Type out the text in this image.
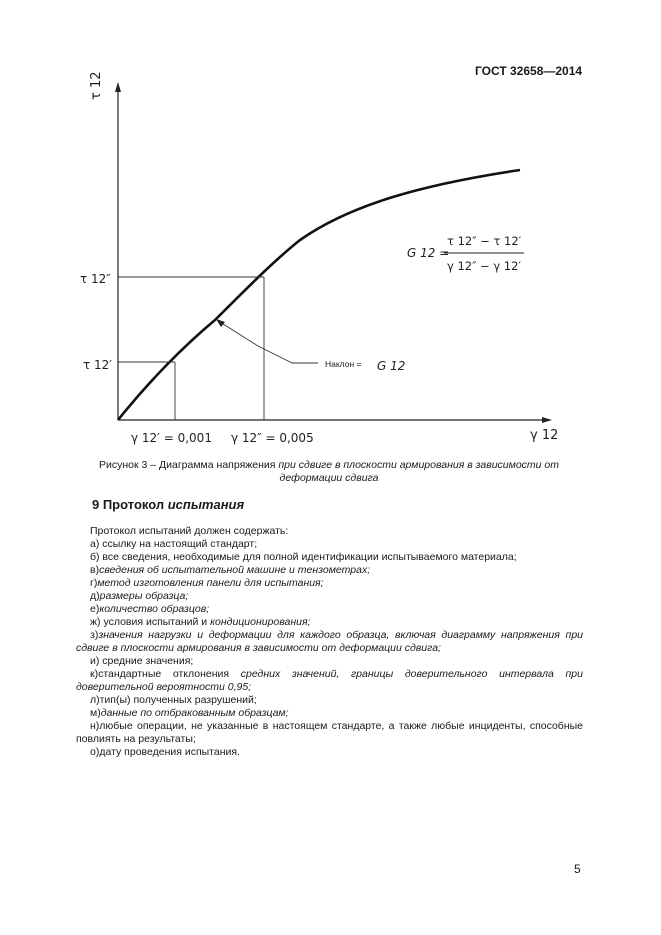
ГОСТ 32658—2014
τ 12
γ 12
τ 12″
τ 12′
γ 12′ = 0,001 γ 12″ = 0,005
Наклон = G 12
G 12 =
τ 12″ − τ 12′
γ 12″ − γ 12′
Рисунок 3 – Диаграмма напряжения при сдвиге в плоскости армирования в зависимости от деформации сдвига
9 Протокол испытания
Протокол испытаний должен содержать:
а) ссылку на настоящий стандарт;
б) все сведения, необходимые для полной идентификации испытываемого материала;
в)сведения об испытательной машине и тензометрах;
г)метод изготовления панели для испытания;
д)размеры образца;
е)количество образцов;
ж) условия испытаний и кондиционирования;
з)значения нагрузки и деформации для каждого образца, включая диаграмму напряжения при сдвиге в плоскости армирования в зависимости от деформации сдвига;
и) средние значения;
к)стандартные отклонения средних значений, границы доверительного интервала при доверительной вероятности 0,95;
л)тип(ы) полученных разрушений;
м)данные по отбракованным образцам;
н)любые операции, не указанные в настоящем стандарте, а также любые инциденты, способные повлиять на результаты;
о)дату проведения испытания.
5
